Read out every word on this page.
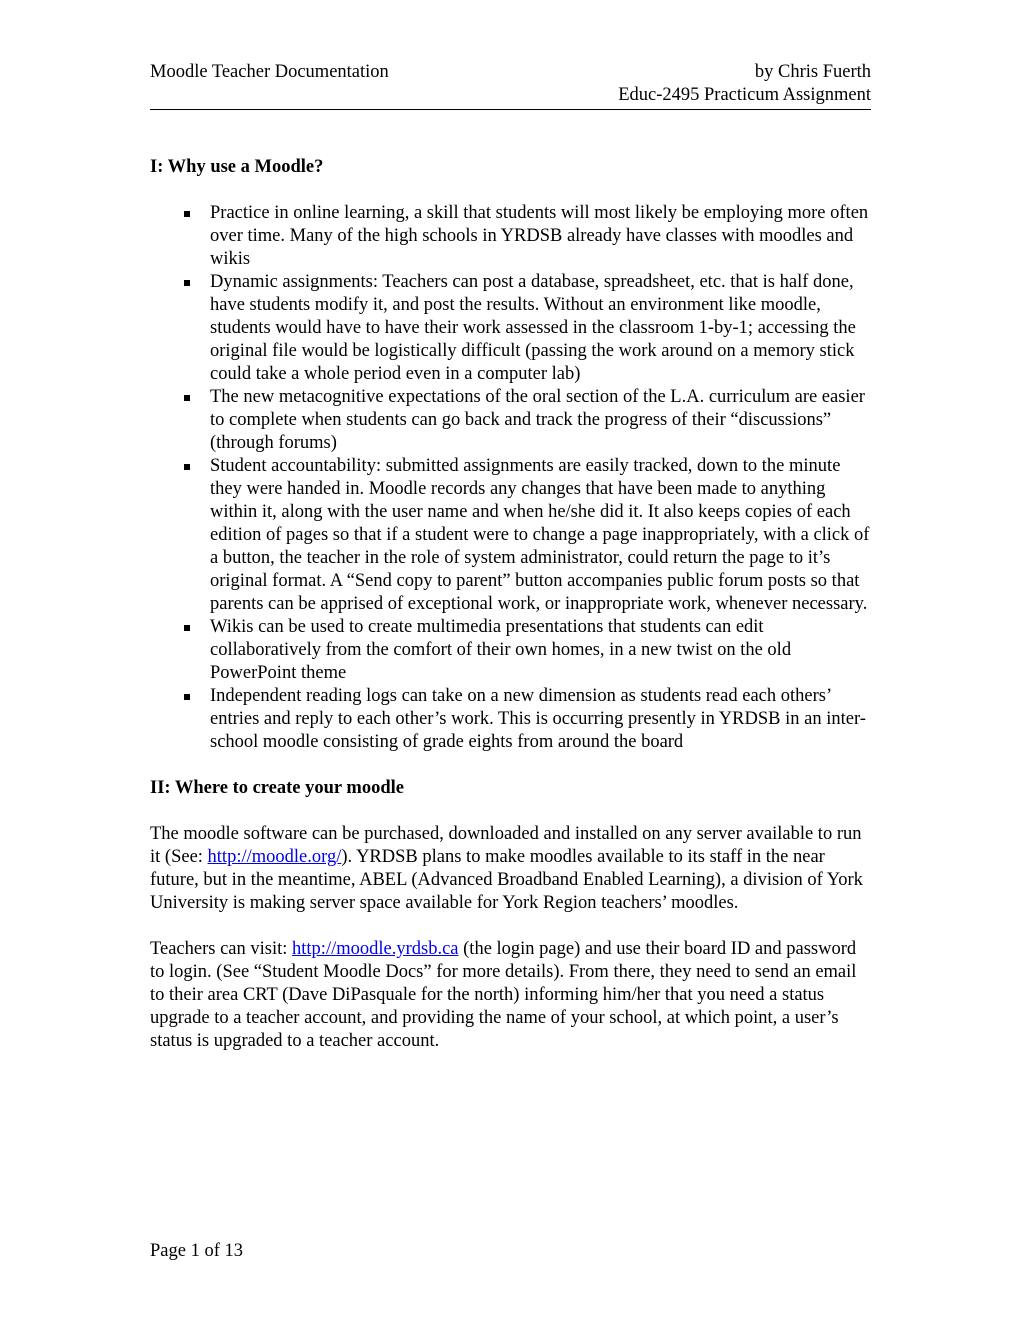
Moodle Teacher Documentation	by Chris Fuerth
Educ-2495 Practicum Assignment
I: Why use a Moodle?
Practice in online learning, a skill that students will most likely be employing more often over time. Many of the high schools in YRDSB already have classes with moodles and wikis
Dynamic assignments: Teachers can post a database, spreadsheet, etc. that is half done, have students modify it, and post the results. Without an environment like moodle, students would have to have their work assessed in the classroom 1-by-1; accessing the original file would be logistically difficult (passing the work around on a memory stick could take a whole period even in a computer lab)
The new metacognitive expectations of the oral section of the L.A. curriculum are easier to complete when students can go back and track the progress of their “discussions” (through forums)
Student accountability: submitted assignments are easily tracked, down to the minute they were handed in. Moodle records any changes that have been made to anything within it, along with the user name and when he/she did it. It also keeps copies of each edition of pages so that if a student were to change a page inappropriately, with a click of a button, the teacher in the role of system administrator, could return the page to it’s original format. A “Send copy to parent” button accompanies public forum posts so that parents can be apprised of exceptional work, or inappropriate work, whenever necessary.
Wikis can be used to create multimedia presentations that students can edit collaboratively from the comfort of their own homes, in a new twist on the old PowerPoint theme
Independent reading logs can take on a new dimension as students read each others’ entries and reply to each other’s work. This is occurring presently in YRDSB in an inter-school moodle consisting of grade eights from around the board
II: Where to create your moodle

The moodle software can be purchased, downloaded and installed on any server available to run it (See: http://moodle.org/). YRDSB plans to make moodles available to its staff in the near future, but in the meantime, ABEL (Advanced Broadband Enabled Learning), a division of York University is making server space available for York Region teachers’ moodles.

Teachers can visit: http://moodle.yrdsb.ca (the login page) and use their board ID and password to login. (See “Student Moodle Docs” for more details). From there, they need to send an email to their area CRT (Dave DiPasquale for the north) informing him/her that you need a status upgrade to a teacher account, and providing the name of your school, at which point, a user’s status is upgraded to a teacher account.

Page 1 of 13
